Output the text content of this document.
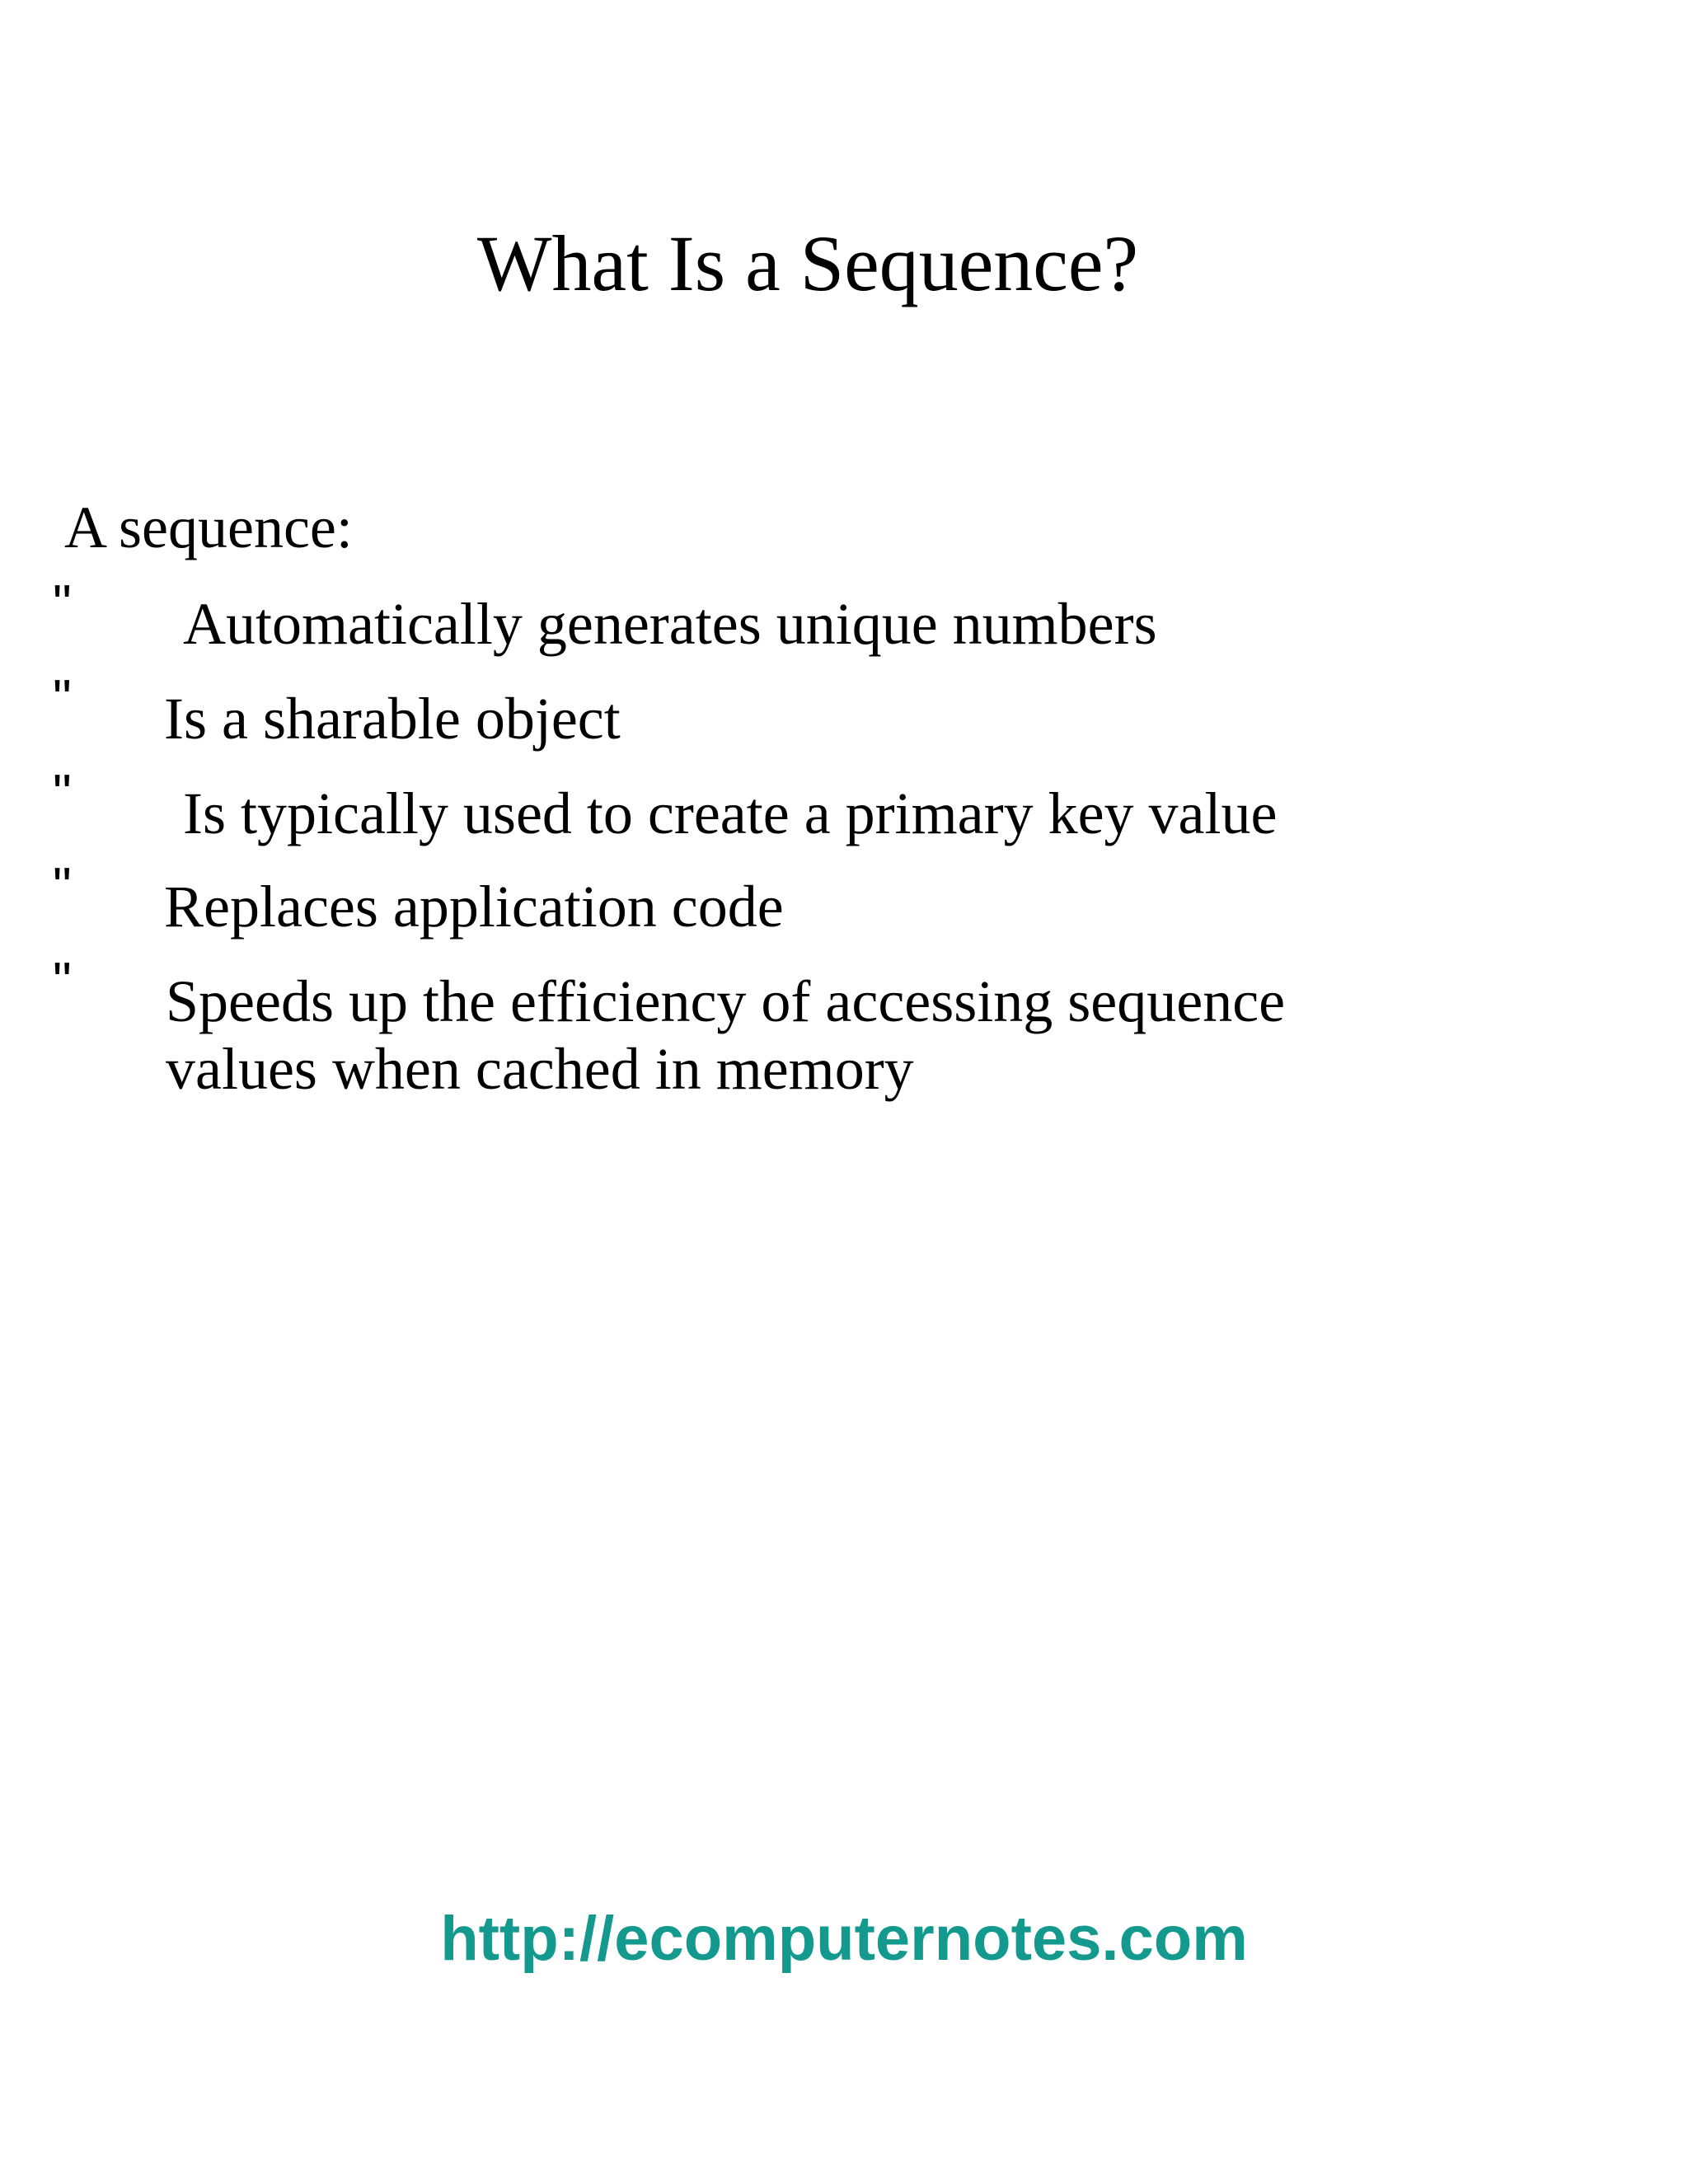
What Is a Sequence?
A sequence:
" Automatically generates unique numbers
" Is a sharable object
" Is typically used to create a primary key value
" Replaces application code
" Speeds up the efficiency of accessing sequence
values when cached in memory
http://ecomputernotes.com
